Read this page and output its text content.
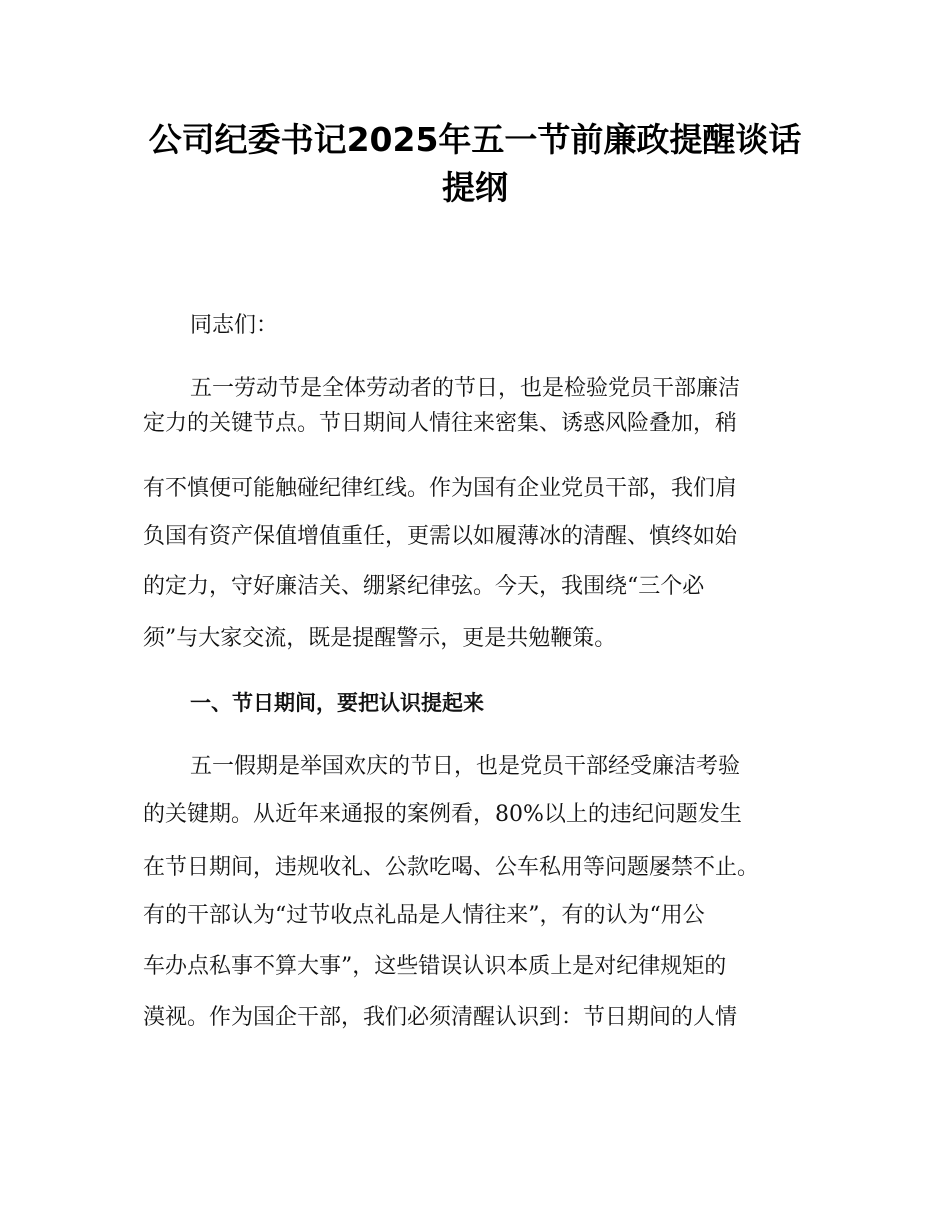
公司纪委书记2025年五一节前廉政提醒谈话
提纲
同志们：
五一劳动节是全体劳动者的节日，也是检验党员干部廉洁
定力的关键节点。节日期间人情往来密集、诱惑风险叠加，稍
有不慎便可能触碰纪律红线。作为国有企业党员干部，我们肩
负国有资产保值增值重任，更需以如履薄冰的清醒、慎终如始
的定力，守好廉洁关、绷紧纪律弦。今天，我围绕“三个必
须”与大家交流，既是提醒警示，更是共勉鞭策。
一、节日期间，要把认识提起来
五一假期是举国欢庆的节日，也是党员干部经受廉洁考验
的关键期。从近年来通报的案例看，80%以上的违纪问题发生
在节日期间，违规收礼、公款吃喝、公车私用等问题屡禁不止。
有的干部认为“过节收点礼品是人情往来”，有的认为“用公
车办点私事不算大事”，这些错误认识本质上是对纪律规矩的
漠视。作为国企干部，我们必须清醒认识到：节日期间的人情
